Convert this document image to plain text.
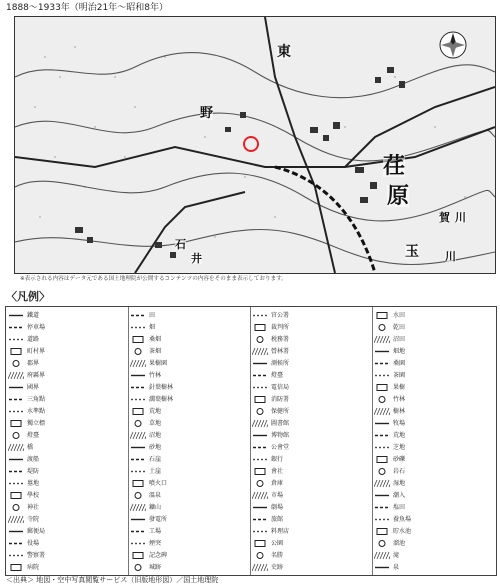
1888〜1933年（明治21年〜昭和8年）
東
野
荏
原
賀 川
玉
石
井	川
※表示される内容はデータ元である国土地理院が公開するコンテンツの内容をそのまま表示しております。
〈凡例〉
鐵道
停車場
道路
町村界
郡界
府縣界
國界
三角點
水準點
獨立標
燈臺
橋
渡船
堤防
墓地
學校
神社
寺院
郵便局
役場
警察署
病院
田
畑
桑畑
茶畑
果樹園
竹林
針葉樹林
濶葉樹林
荒地
草地
沼地
砂地
石崖
土崖
噴火口
溫泉
鑛山
發電所
工場
煙突
記念碑
城跡
官公署
裁判所
税務署
營林署
測候所
燈臺
電信局
消防署
保健所
圖書館
博物館
公會堂
銀行
會社
倉庫
市場
劇場
旅館
料理店
公園
名勝
史跡
水田
乾田
沼田
畑地
桑園
茶園
果樹
竹林
樹林
牧場
荒地
芝地
砂礫
岩石
湿地
潮入
塩田
養魚場
貯水池
溜池
滝
泉
＜出典＞ 地図・空中写真閲覧サービス（旧版地形図）／国土地理院
